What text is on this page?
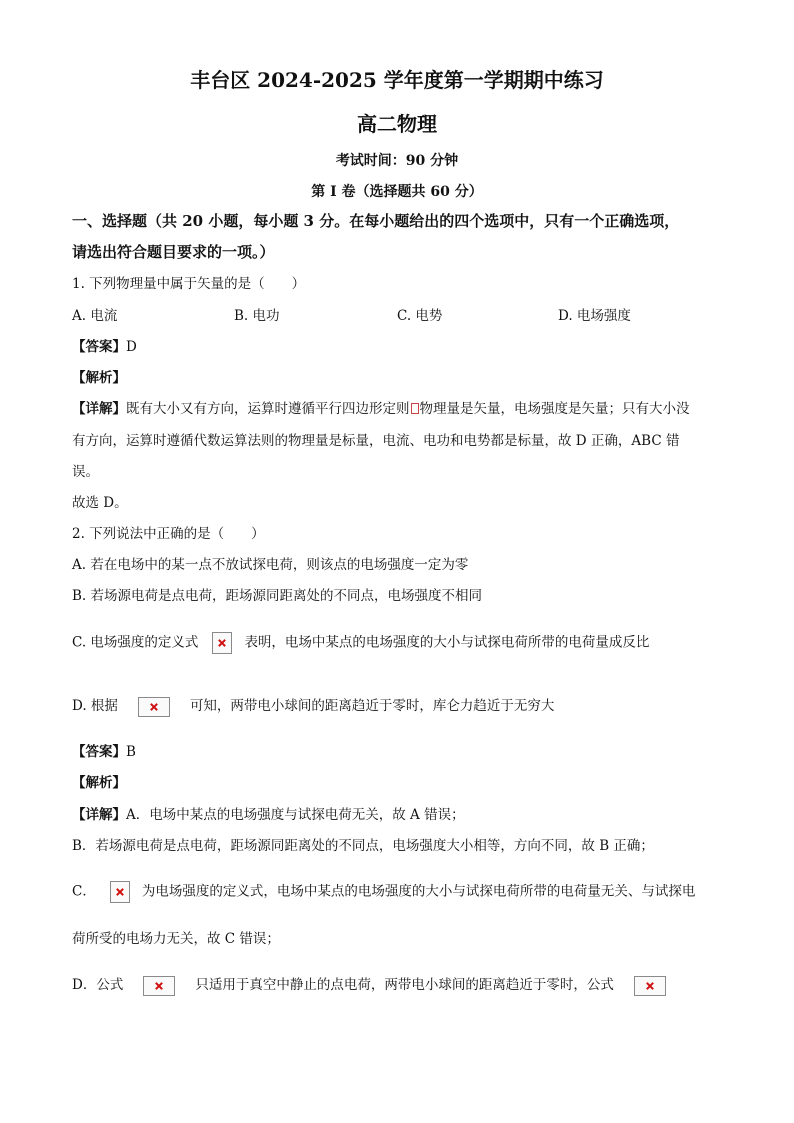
丰台区 2024-2025 学年度第一学期期中练习
高二物理
考试时间：90 分钟
第 I 卷（选择题共 60 分）
一、选择题（共 20 小题，每小题 3 分。在每小题给出的四个选项中，只有一个正确选项，
请选出符合题目要求的一项。）
1. 下列物理量中属于矢量的是（　　）
A. 电流	B. 电功	C. 电势	D. 电场强度
【答案】D
【解析】
【详解】既有大小又有方向，运算时遵循平行四边形定则 物理量是矢量，电场强度是矢量；只有大小没
有方向，运算时遵循代数运算法则的物理量是标量，电流、电功和电势都是标量，故 D 正确，ABC 错
误。
故选 D。
2. 下列说法中正确的是（　　）
A. 若在电场中的某一点不放试探电荷，则该点的电场强度一定为零
B. 若场源电荷是点电荷，距场源同距离处的不同点，电场强度不相同
C. 电场强度的定义式	表明，电场中某点的电场强度的大小与试探电荷所带的电荷量成反比
D. 根据	可知，两带电小球间的距离趋近于零时，库仑力趋近于无穷大
【答案】B
【解析】
【详解】A．电场中某点的电场强度与试探电荷无关，故 A 错误；
B．若场源电荷是点电荷，距场源同距离处的不同点，电场强度大小相等，方向不同，故 B 正确；
C．	为电场强度的定义式，电场中某点的电场强度的大小与试探电荷所带的电荷量无关、与试探电
荷所受的电场力无关，故 C 错误；
D．公式	只适用于真空中静止的点电荷，两带电小球间的距离趋近于零时，公式
